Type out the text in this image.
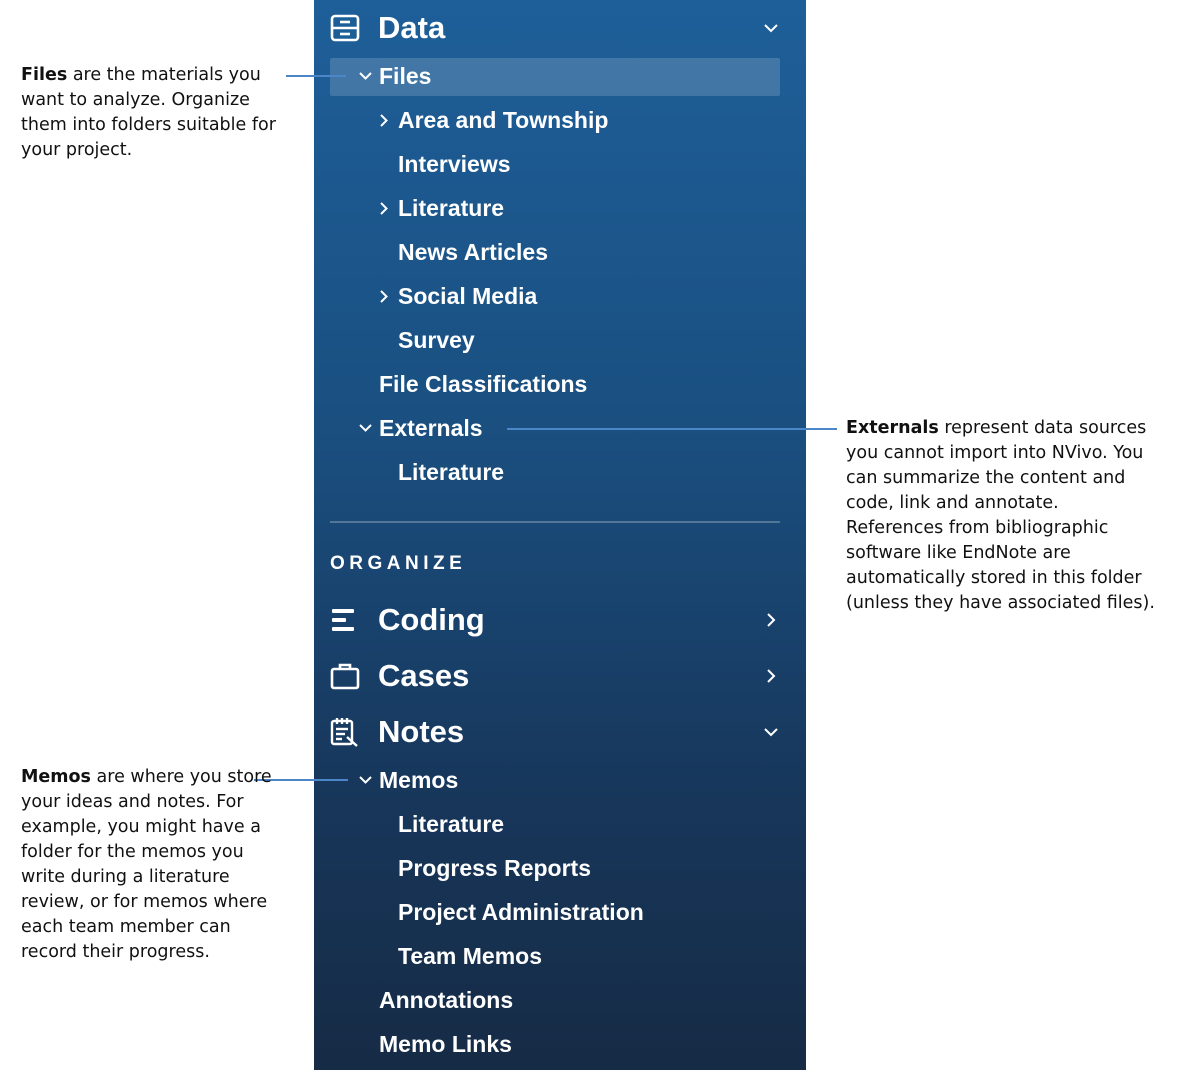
Data
Files
Area and Township
Interviews
Literature
News Articles
Social Media
Survey
File Classifications
Externals
Literature
ORGANIZE
Coding
Cases
Notes
Memos
Literature
Progress Reports
Project Administration
Team Memos
Annotations
Memo Links
Files are the materials you want to analyze. Organize them into folders suitable for your project.
Externals represent data sources you cannot import into NVivo. You can summarize the content and code, link and annotate.
References from bibliographic software like EndNote are automatically stored in this folder (unless they have associated files).
Memos are where you store your ideas and notes. For example, you might have a folder for the memos you write during a literature review, or for memos where each team member can record their progress.
